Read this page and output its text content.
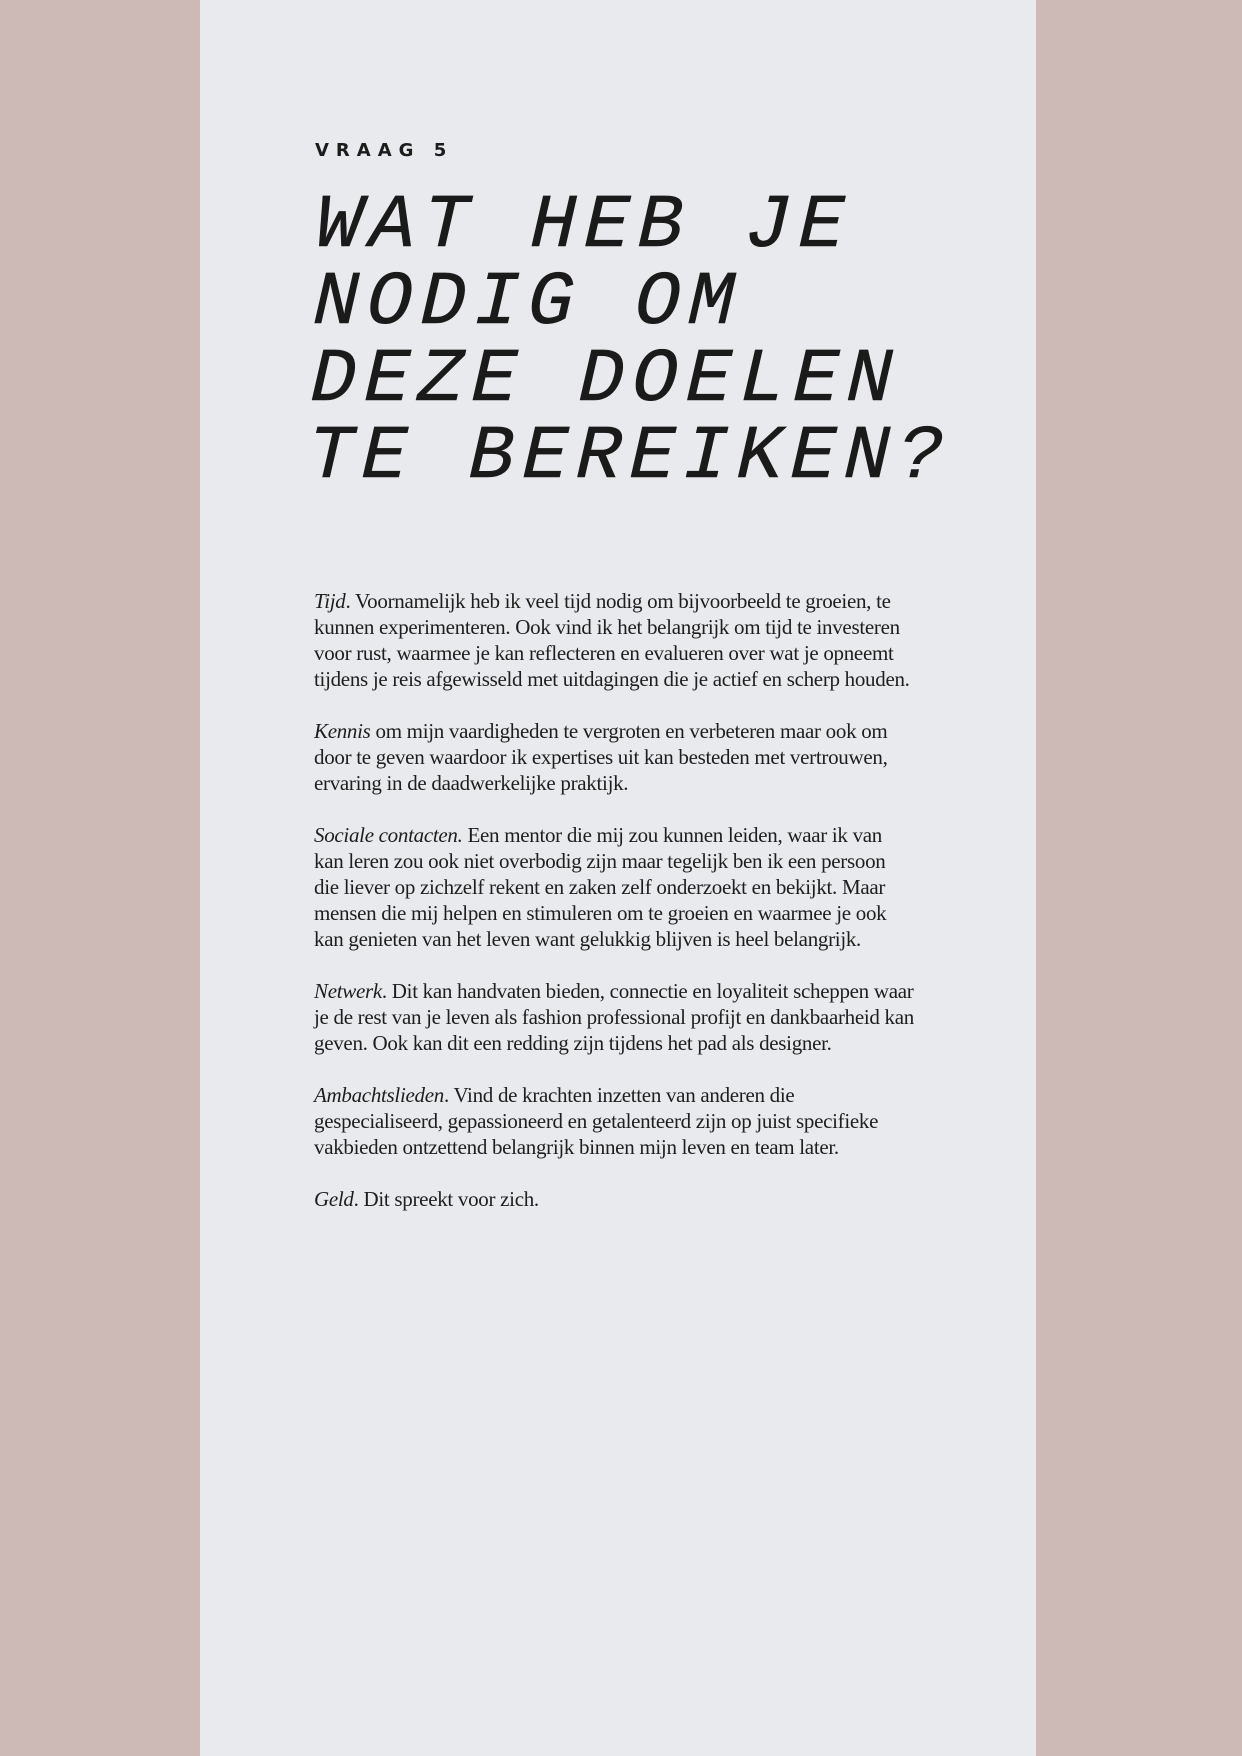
VRAAG 5
WAT HEB JE
NODIG OM
DEZE DOELEN
TE BEREIKEN?

Tijd. Voornamelijk heb ik veel tijd nodig om bijvoorbeeld te groeien, te kunnen experimenteren. Ook vind ik het belangrijk om tijd te investeren voor rust, waarmee je kan reflecteren en evalueren over wat je opneemt tijdens je reis afgewisseld met uitdagingen die je actief en scherp houden.

Kennis om mijn vaardigheden te vergroten en verbeteren maar ook om door te geven waardoor ik expertises uit kan besteden met vertrouwen, ervaring in de daadwerkelijke praktijk.

Sociale contacten. Een mentor die mij zou kunnen leiden, waar ik van kan leren zou ook niet overbodig zijn maar tegelijk ben ik een persoon die liever op zichzelf rekent en zaken zelf onderzoekt en bekijkt. Maar mensen die mij helpen en stimuleren om te groeien en waarmee je ook kan genieten van het leven want gelukkig blijven is heel belangrijk.

Netwerk. Dit kan handvaten bieden, connectie en loyaliteit scheppen waar je de rest van je leven als fashion professional profijt en dankbaarheid kan geven. Ook kan dit een redding zijn tijdens het pad als designer.

Ambachtslieden. Vind de krachten inzetten van anderen die gespecialiseerd, gepassioneerd en getalenteerd zijn op juist specifieke vakbieden ontzettend belangrijk binnen mijn leven en team later.

Geld. Dit spreekt voor zich.
